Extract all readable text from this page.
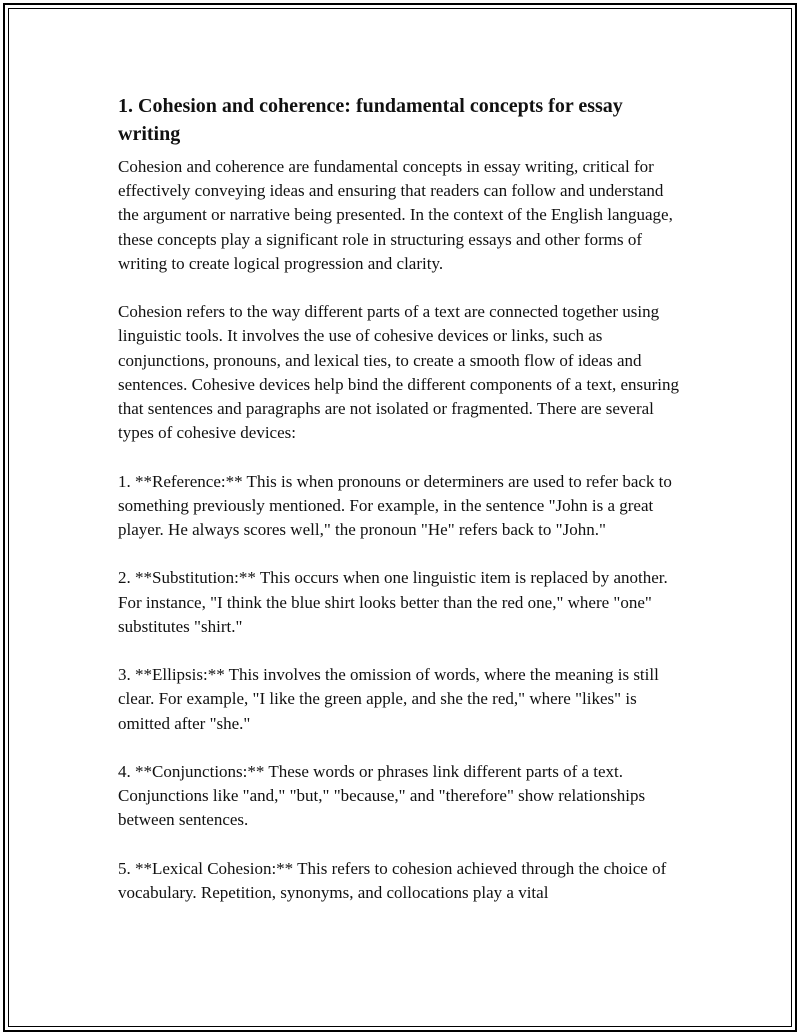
1. Cohesion and coherence: fundamental concepts for essay writing

Cohesion and coherence are fundamental concepts in essay writing, critical for effectively conveying ideas and ensuring that readers can follow and understand the argument or narrative being presented. In the context of the English language, these concepts play a significant role in structuring essays and other forms of writing to create logical progression and clarity.

Cohesion refers to the way different parts of a text are connected together using linguistic tools. It involves the use of cohesive devices or links, such as conjunctions, pronouns, and lexical ties, to create a smooth flow of ideas and sentences. Cohesive devices help bind the different components of a text, ensuring that sentences and paragraphs are not isolated or fragmented. There are several types of cohesive devices:

1. **Reference:** This is when pronouns or determiners are used to refer back to something previously mentioned. For example, in the sentence "John is a great player. He always scores well," the pronoun "He" refers back to "John."

2. **Substitution:** This occurs when one linguistic item is replaced by another. For instance, "I think the blue shirt looks better than the red one," where "one" substitutes "shirt."

3. **Ellipsis:** This involves the omission of words, where the meaning is still clear. For example, "I like the green apple, and she the red," where "likes" is omitted after "she."

4. **Conjunctions:** These words or phrases link different parts of a text. Conjunctions like "and," "but," "because," and "therefore" show relationships between sentences.

5. **Lexical Cohesion:** This refers to cohesion achieved through the choice of vocabulary. Repetition, synonyms, and collocations play a vital
